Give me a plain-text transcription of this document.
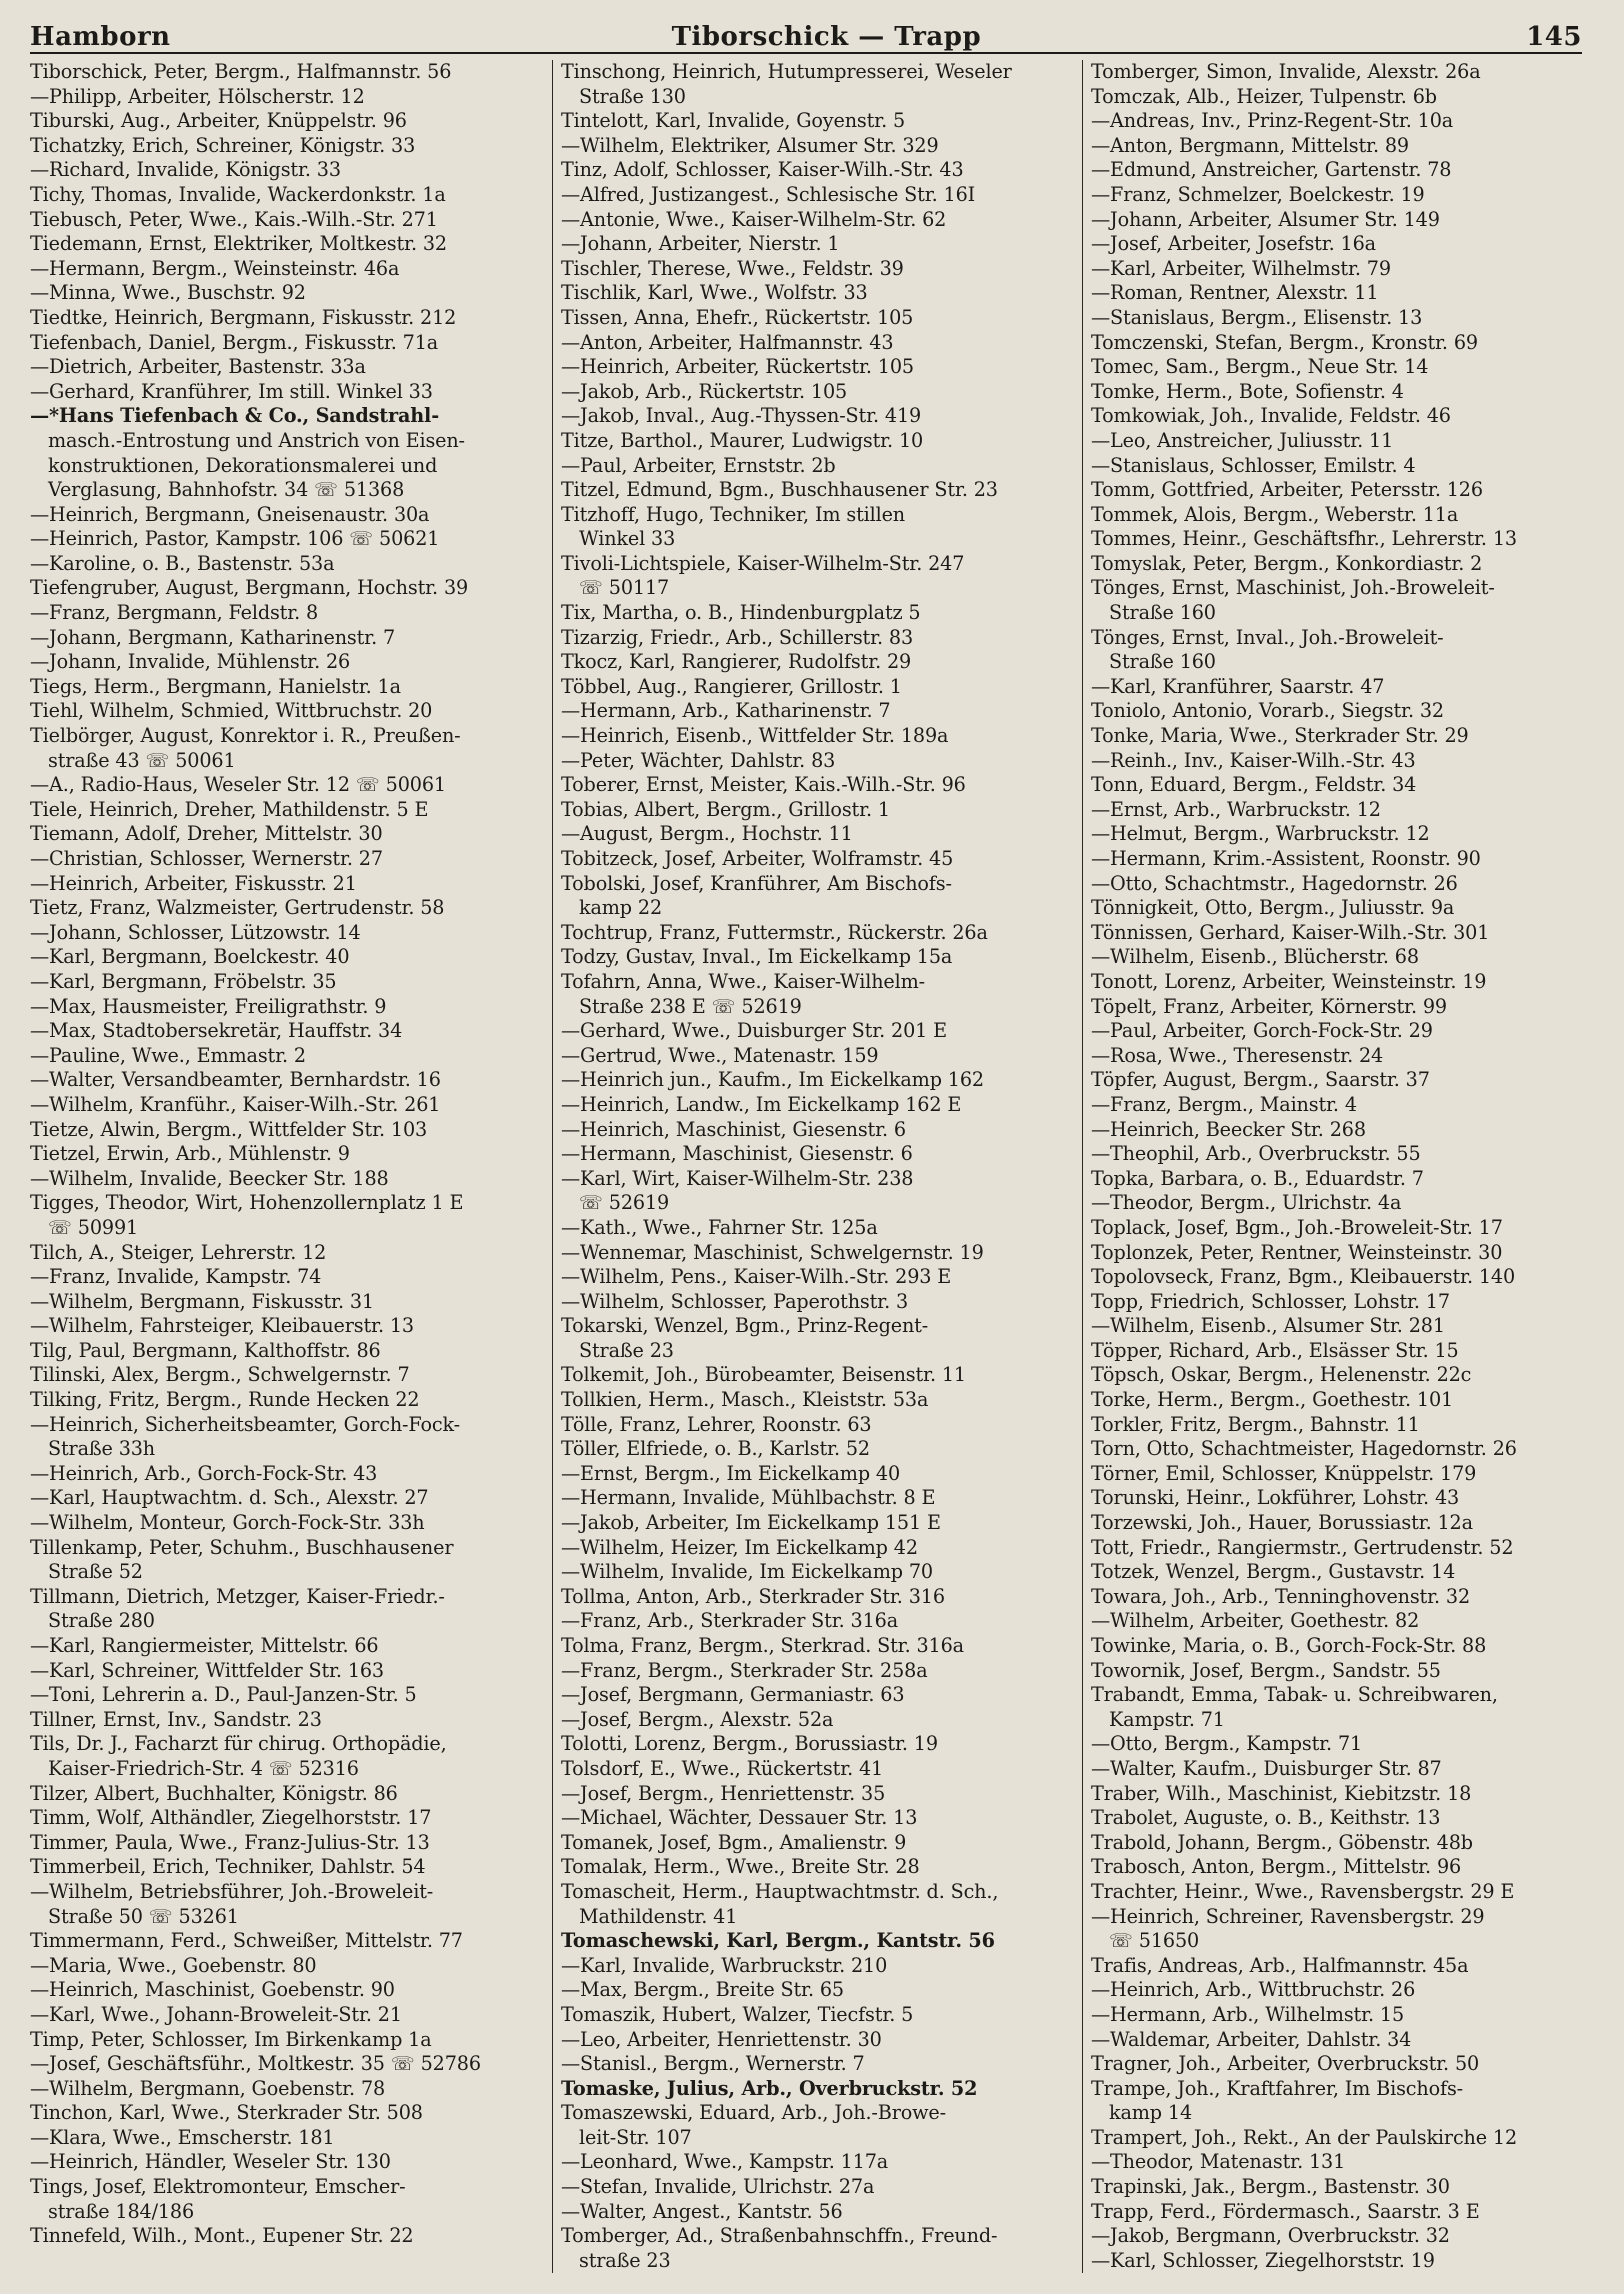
Hamborn	Tiborschick — Trapp	145
Tiborschick, Peter, Bergm., Halfmannstr. 56
—Philipp, Arbeiter, Hölscherstr. 12
Tiburski, Aug., Arbeiter, Knüppelstr. 96
Tichatzky, Erich, Schreiner, Königstr. 33
—Richard, Invalide, Königstr. 33
Tichy, Thomas, Invalide, Wackerdonkstr. 1a
Tiebusch, Peter, Wwe., Kais.-Wilh.-Str. 271
Tiedemann, Ernst, Elektriker, Moltkestr. 32
—Hermann, Bergm., Weinsteinstr. 46a
—Minna, Wwe., Buschstr. 92
Tiedtke, Heinrich, Bergmann, Fiskusstr. 212
Tiefenbach, Daniel, Bergm., Fiskusstr. 71a
—Dietrich, Arbeiter, Bastenstr. 33a
—Gerhard, Kranführer, Im still. Winkel 33
—*Hans Tiefenbach & Co., Sandstrahl-
masch.-Entrostung und Anstrich von Eisen-
konstruktionen, Dekorationsmalerei und
Verglasung, Bahnhofstr. 34 ☏ 51368
—Heinrich, Bergmann, Gneisenaustr. 30a
—Heinrich, Pastor, Kampstr. 106 ☏ 50621
—Karoline, o. B., Bastenstr. 53a
Tiefengruber, August, Bergmann, Hochstr. 39
—Franz, Bergmann, Feldstr. 8
—Johann, Bergmann, Katharinenstr. 7
—Johann, Invalide, Mühlenstr. 26
Tiegs, Herm., Bergmann, Hanielstr. 1a
Tiehl, Wilhelm, Schmied, Wittbruchstr. 20
Tielbörger, August, Konrektor i. R., Preußen-
straße 43 ☏ 50061
—A., Radio-Haus, Weseler Str. 12 ☏ 50061
Tiele, Heinrich, Dreher, Mathildenstr. 5 E
Tiemann, Adolf, Dreher, Mittelstr. 30
—Christian, Schlosser, Wernerstr. 27
—Heinrich, Arbeiter, Fiskusstr. 21
Tietz, Franz, Walzmeister, Gertrudenstr. 58
—Johann, Schlosser, Lützowstr. 14
—Karl, Bergmann, Boelckestr. 40
—Karl, Bergmann, Fröbelstr. 35
—Max, Hausmeister, Freiligrathstr. 9
—Max, Stadtobersekretär, Hauffstr. 34
—Pauline, Wwe., Emmastr. 2
—Walter, Versandbeamter, Bernhardstr. 16
—Wilhelm, Kranführ., Kaiser-Wilh.-Str. 261
Tietze, Alwin, Bergm., Wittfelder Str. 103
Tietzel, Erwin, Arb., Mühlenstr. 9
—Wilhelm, Invalide, Beecker Str. 188
Tigges, Theodor, Wirt, Hohenzollernplatz 1 E
☏ 50991
Tilch, A., Steiger, Lehrerstr. 12
—Franz, Invalide, Kampstr. 74
—Wilhelm, Bergmann, Fiskusstr. 31
—Wilhelm, Fahrsteiger, Kleibauerstr. 13
Tilg, Paul, Bergmann, Kalthoffstr. 86
Tilinski, Alex, Bergm., Schwelgernstr. 7
Tilking, Fritz, Bergm., Runde Hecken 22
—Heinrich, Sicherheitsbeamter, Gorch-Fock-
Straße 33h
—Heinrich, Arb., Gorch-Fock-Str. 43
—Karl, Hauptwachtm. d. Sch., Alexstr. 27
—Wilhelm, Monteur, Gorch-Fock-Str. 33h
Tillenkamp, Peter, Schuhm., Buschhausener
Straße 52
Tillmann, Dietrich, Metzger, Kaiser-Friedr.-
Straße 280
—Karl, Rangiermeister, Mittelstr. 66
—Karl, Schreiner, Wittfelder Str. 163
—Toni, Lehrerin a. D., Paul-Janzen-Str. 5
Tillner, Ernst, Inv., Sandstr. 23
Tils, Dr. J., Facharzt für chirug. Orthopädie,
Kaiser-Friedrich-Str. 4 ☏ 52316
Tilzer, Albert, Buchhalter, Königstr. 86
Timm, Wolf, Althändler, Ziegelhorststr. 17
Timmer, Paula, Wwe., Franz-Julius-Str. 13
Timmerbeil, Erich, Techniker, Dahlstr. 54
—Wilhelm, Betriebsführer, Joh.-Broweleit-
Straße 50 ☏ 53261
Timmermann, Ferd., Schweißer, Mittelstr. 77
—Maria, Wwe., Goebenstr. 80
—Heinrich, Maschinist, Goebenstr. 90
—Karl, Wwe., Johann-Broweleit-Str. 21
Timp, Peter, Schlosser, Im Birkenkamp 1a
—Josef, Geschäftsführ., Moltkestr. 35 ☏ 52786
—Wilhelm, Bergmann, Goebenstr. 78
Tinchon, Karl, Wwe., Sterkrader Str. 508
—Klara, Wwe., Emscherstr. 181
—Heinrich, Händler, Weseler Str. 130
Tings, Josef, Elektromonteur, Emscher-
straße 184/186
Tinnefeld, Wilh., Mont., Eupener Str. 22
Tinschong, Heinrich, Hutumpresserei, Weseler
Straße 130
Tintelott, Karl, Invalide, Goyenstr. 5
—Wilhelm, Elektriker, Alsumer Str. 329
Tinz, Adolf, Schlosser, Kaiser-Wilh.-Str. 43
—Alfred, Justizangest., Schlesische Str. 16I
—Antonie, Wwe., Kaiser-Wilhelm-Str. 62
—Johann, Arbeiter, Nierstr. 1
Tischler, Therese, Wwe., Feldstr. 39
Tischlik, Karl, Wwe., Wolfstr. 33
Tissen, Anna, Ehefr., Rückertstr. 105
—Anton, Arbeiter, Halfmannstr. 43
—Heinrich, Arbeiter, Rückertstr. 105
—Jakob, Arb., Rückertstr. 105
—Jakob, Inval., Aug.-Thyssen-Str. 419
Titze, Barthol., Maurer, Ludwigstr. 10
—Paul, Arbeiter, Ernststr. 2b
Titzel, Edmund, Bgm., Buschhausener Str. 23
Titzhoff, Hugo, Techniker, Im stillen
Winkel 33
Tivoli-Lichtspiele, Kaiser-Wilhelm-Str. 247
☏ 50117
Tix, Martha, o. B., Hindenburgplatz 5
Tizarzig, Friedr., Arb., Schillerstr. 83
Tkocz, Karl, Rangierer, Rudolfstr. 29
Többel, Aug., Rangierer, Grillostr. 1
—Hermann, Arb., Katharinenstr. 7
—Heinrich, Eisenb., Wittfelder Str. 189a
—Peter, Wächter, Dahlstr. 83
Toberer, Ernst, Meister, Kais.-Wilh.-Str. 96
Tobias, Albert, Bergm., Grillostr. 1
—August, Bergm., Hochstr. 11
Tobitzeck, Josef, Arbeiter, Wolframstr. 45
Tobolski, Josef, Kranführer, Am Bischofs-
kamp 22
Tochtrup, Franz, Futtermstr., Rückerstr. 26a
Todzy, Gustav, Inval., Im Eickelkamp 15a
Tofahrn, Anna, Wwe., Kaiser-Wilhelm-
Straße 238 E ☏ 52619
—Gerhard, Wwe., Duisburger Str. 201 E
—Gertrud, Wwe., Matenastr. 159
—Heinrich jun., Kaufm., Im Eickelkamp 162
—Heinrich, Landw., Im Eickelkamp 162 E
—Heinrich, Maschinist, Giesenstr. 6
—Hermann, Maschinist, Giesenstr. 6
—Karl, Wirt, Kaiser-Wilhelm-Str. 238
☏ 52619
—Kath., Wwe., Fahrner Str. 125a
—Wennemar, Maschinist, Schwelgernstr. 19
—Wilhelm, Pens., Kaiser-Wilh.-Str. 293 E
—Wilhelm, Schlosser, Paperothstr. 3
Tokarski, Wenzel, Bgm., Prinz-Regent-
Straße 23
Tolkemit, Joh., Bürobeamter, Beisenstr. 11
Tollkien, Herm., Masch., Kleiststr. 53a
Tölle, Franz, Lehrer, Roonstr. 63
Töller, Elfriede, o. B., Karlstr. 52
—Ernst, Bergm., Im Eickelkamp 40
—Hermann, Invalide, Mühlbachstr. 8 E
—Jakob, Arbeiter, Im Eickelkamp 151 E
—Wilhelm, Heizer, Im Eickelkamp 42
—Wilhelm, Invalide, Im Eickelkamp 70
Tollma, Anton, Arb., Sterkrader Str. 316
—Franz, Arb., Sterkrader Str. 316a
Tolma, Franz, Bergm., Sterkrad. Str. 316a
—Franz, Bergm., Sterkrader Str. 258a
—Josef, Bergmann, Germaniastr. 63
—Josef, Bergm., Alexstr. 52a
Tolotti, Lorenz, Bergm., Borussiastr. 19
Tolsdorf, E., Wwe., Rückertstr. 41
—Josef, Bergm., Henriettenstr. 35
—Michael, Wächter, Dessauer Str. 13
Tomanek, Josef, Bgm., Amalienstr. 9
Tomalak, Herm., Wwe., Breite Str. 28
Tomascheit, Herm., Hauptwachtmstr. d. Sch.,
Mathildenstr. 41
Tomaschewski, Karl, Bergm., Kantstr. 56
—Karl, Invalide, Warbruckstr. 210
—Max, Bergm., Breite Str. 65
Tomaszik, Hubert, Walzer, Tiecfstr. 5
—Leo, Arbeiter, Henriettenstr. 30
—Stanisl., Bergm., Wernerstr. 7
Tomaske, Julius, Arb., Overbruckstr. 52
Tomaszewski, Eduard, Arb., Joh.-Browe-
leit-Str. 107
—Leonhard, Wwe., Kampstr. 117a
—Stefan, Invalide, Ulrichstr. 27a
—Walter, Angest., Kantstr. 56
Tomberger, Ad., Straßenbahnschffn., Freund-
straße 23
Tomberger, Simon, Invalide, Alexstr. 26a
Tomczak, Alb., Heizer, Tulpenstr. 6b
—Andreas, Inv., Prinz-Regent-Str. 10a
—Anton, Bergmann, Mittelstr. 89
—Edmund, Anstreicher, Gartenstr. 78
—Franz, Schmelzer, Boelckestr. 19
—Johann, Arbeiter, Alsumer Str. 149
—Josef, Arbeiter, Josefstr. 16a
—Karl, Arbeiter, Wilhelmstr. 79
—Roman, Rentner, Alexstr. 11
—Stanislaus, Bergm., Elisenstr. 13
Tomczenski, Stefan, Bergm., Kronstr. 69
Tomec, Sam., Bergm., Neue Str. 14
Tomke, Herm., Bote, Sofienstr. 4
Tomkowiak, Joh., Invalide, Feldstr. 46
—Leo, Anstreicher, Juliusstr. 11
—Stanislaus, Schlosser, Emilstr. 4
Tomm, Gottfried, Arbeiter, Petersstr. 126
Tommek, Alois, Bergm., Weberstr. 11a
Tommes, Heinr., Geschäftsfhr., Lehrerstr. 13
Tomyslak, Peter, Bergm., Konkordiastr. 2
Tönges, Ernst, Maschinist, Joh.-Broweleit-
Straße 160
Tönges, Ernst, Inval., Joh.-Broweleit-
Straße 160
—Karl, Kranführer, Saarstr. 47
Toniolo, Antonio, Vorarb., Siegstr. 32
Tonke, Maria, Wwe., Sterkrader Str. 29
—Reinh., Inv., Kaiser-Wilh.-Str. 43
Tonn, Eduard, Bergm., Feldstr. 34
—Ernst, Arb., Warbruckstr. 12
—Helmut, Bergm., Warbruckstr. 12
—Hermann, Krim.-Assistent, Roonstr. 90
—Otto, Schachtmstr., Hagedornstr. 26
Tönnigkeit, Otto, Bergm., Juliusstr. 9a
Tönnissen, Gerhard, Kaiser-Wilh.-Str. 301
—Wilhelm, Eisenb., Blücherstr. 68
Tonott, Lorenz, Arbeiter, Weinsteinstr. 19
Töpelt, Franz, Arbeiter, Körnerstr. 99
—Paul, Arbeiter, Gorch-Fock-Str. 29
—Rosa, Wwe., Theresenstr. 24
Töpfer, August, Bergm., Saarstr. 37
—Franz, Bergm., Mainstr. 4
—Heinrich, Beecker Str. 268
—Theophil, Arb., Overbruckstr. 55
Topka, Barbara, o. B., Eduardstr. 7
—Theodor, Bergm., Ulrichstr. 4a
Toplack, Josef, Bgm., Joh.-Broweleit-Str. 17
Toplonzek, Peter, Rentner, Weinsteinstr. 30
Topolovseck, Franz, Bgm., Kleibauerstr. 140
Topp, Friedrich, Schlosser, Lohstr. 17
—Wilhelm, Eisenb., Alsumer Str. 281
Töpper, Richard, Arb., Elsässer Str. 15
Töpsch, Oskar, Bergm., Helenenstr. 22c
Torke, Herm., Bergm., Goethestr. 101
Torkler, Fritz, Bergm., Bahnstr. 11
Torn, Otto, Schachtmeister, Hagedornstr. 26
Törner, Emil, Schlosser, Knüppelstr. 179
Torunski, Heinr., Lokführer, Lohstr. 43
Torzewski, Joh., Hauer, Borussiastr. 12a
Tott, Friedr., Rangiermstr., Gertrudenstr. 52
Totzek, Wenzel, Bergm., Gustavstr. 14
Towara, Joh., Arb., Tenninghovenstr. 32
—Wilhelm, Arbeiter, Goethestr. 82
Towinke, Maria, o. B., Gorch-Fock-Str. 88
Towornik, Josef, Bergm., Sandstr. 55
Trabandt, Emma, Tabak- u. Schreibwaren,
Kampstr. 71
—Otto, Bergm., Kampstr. 71
—Walter, Kaufm., Duisburger Str. 87
Traber, Wilh., Maschinist, Kiebitzstr. 18
Trabolet, Auguste, o. B., Keithstr. 13
Trabold, Johann, Bergm., Göbenstr. 48b
Trabosch, Anton, Bergm., Mittelstr. 96
Trachter, Heinr., Wwe., Ravensbergstr. 29 E
—Heinrich, Schreiner, Ravensbergstr. 29
☏ 51650
Trafis, Andreas, Arb., Halfmannstr. 45a
—Heinrich, Arb., Wittbruchstr. 26
—Hermann, Arb., Wilhelmstr. 15
—Waldemar, Arbeiter, Dahlstr. 34
Tragner, Joh., Arbeiter, Overbruckstr. 50
Trampe, Joh., Kraftfahrer, Im Bischofs-
kamp 14
Trampert, Joh., Rekt., An der Paulskirche 12
—Theodor, Matenastr. 131
Trapinski, Jak., Bergm., Bastenstr. 30
Trapp, Ferd., Fördermasch., Saarstr. 3 E
—Jakob, Bergmann, Overbruckstr. 32
—Karl, Schlosser, Ziegelhorststr. 19
